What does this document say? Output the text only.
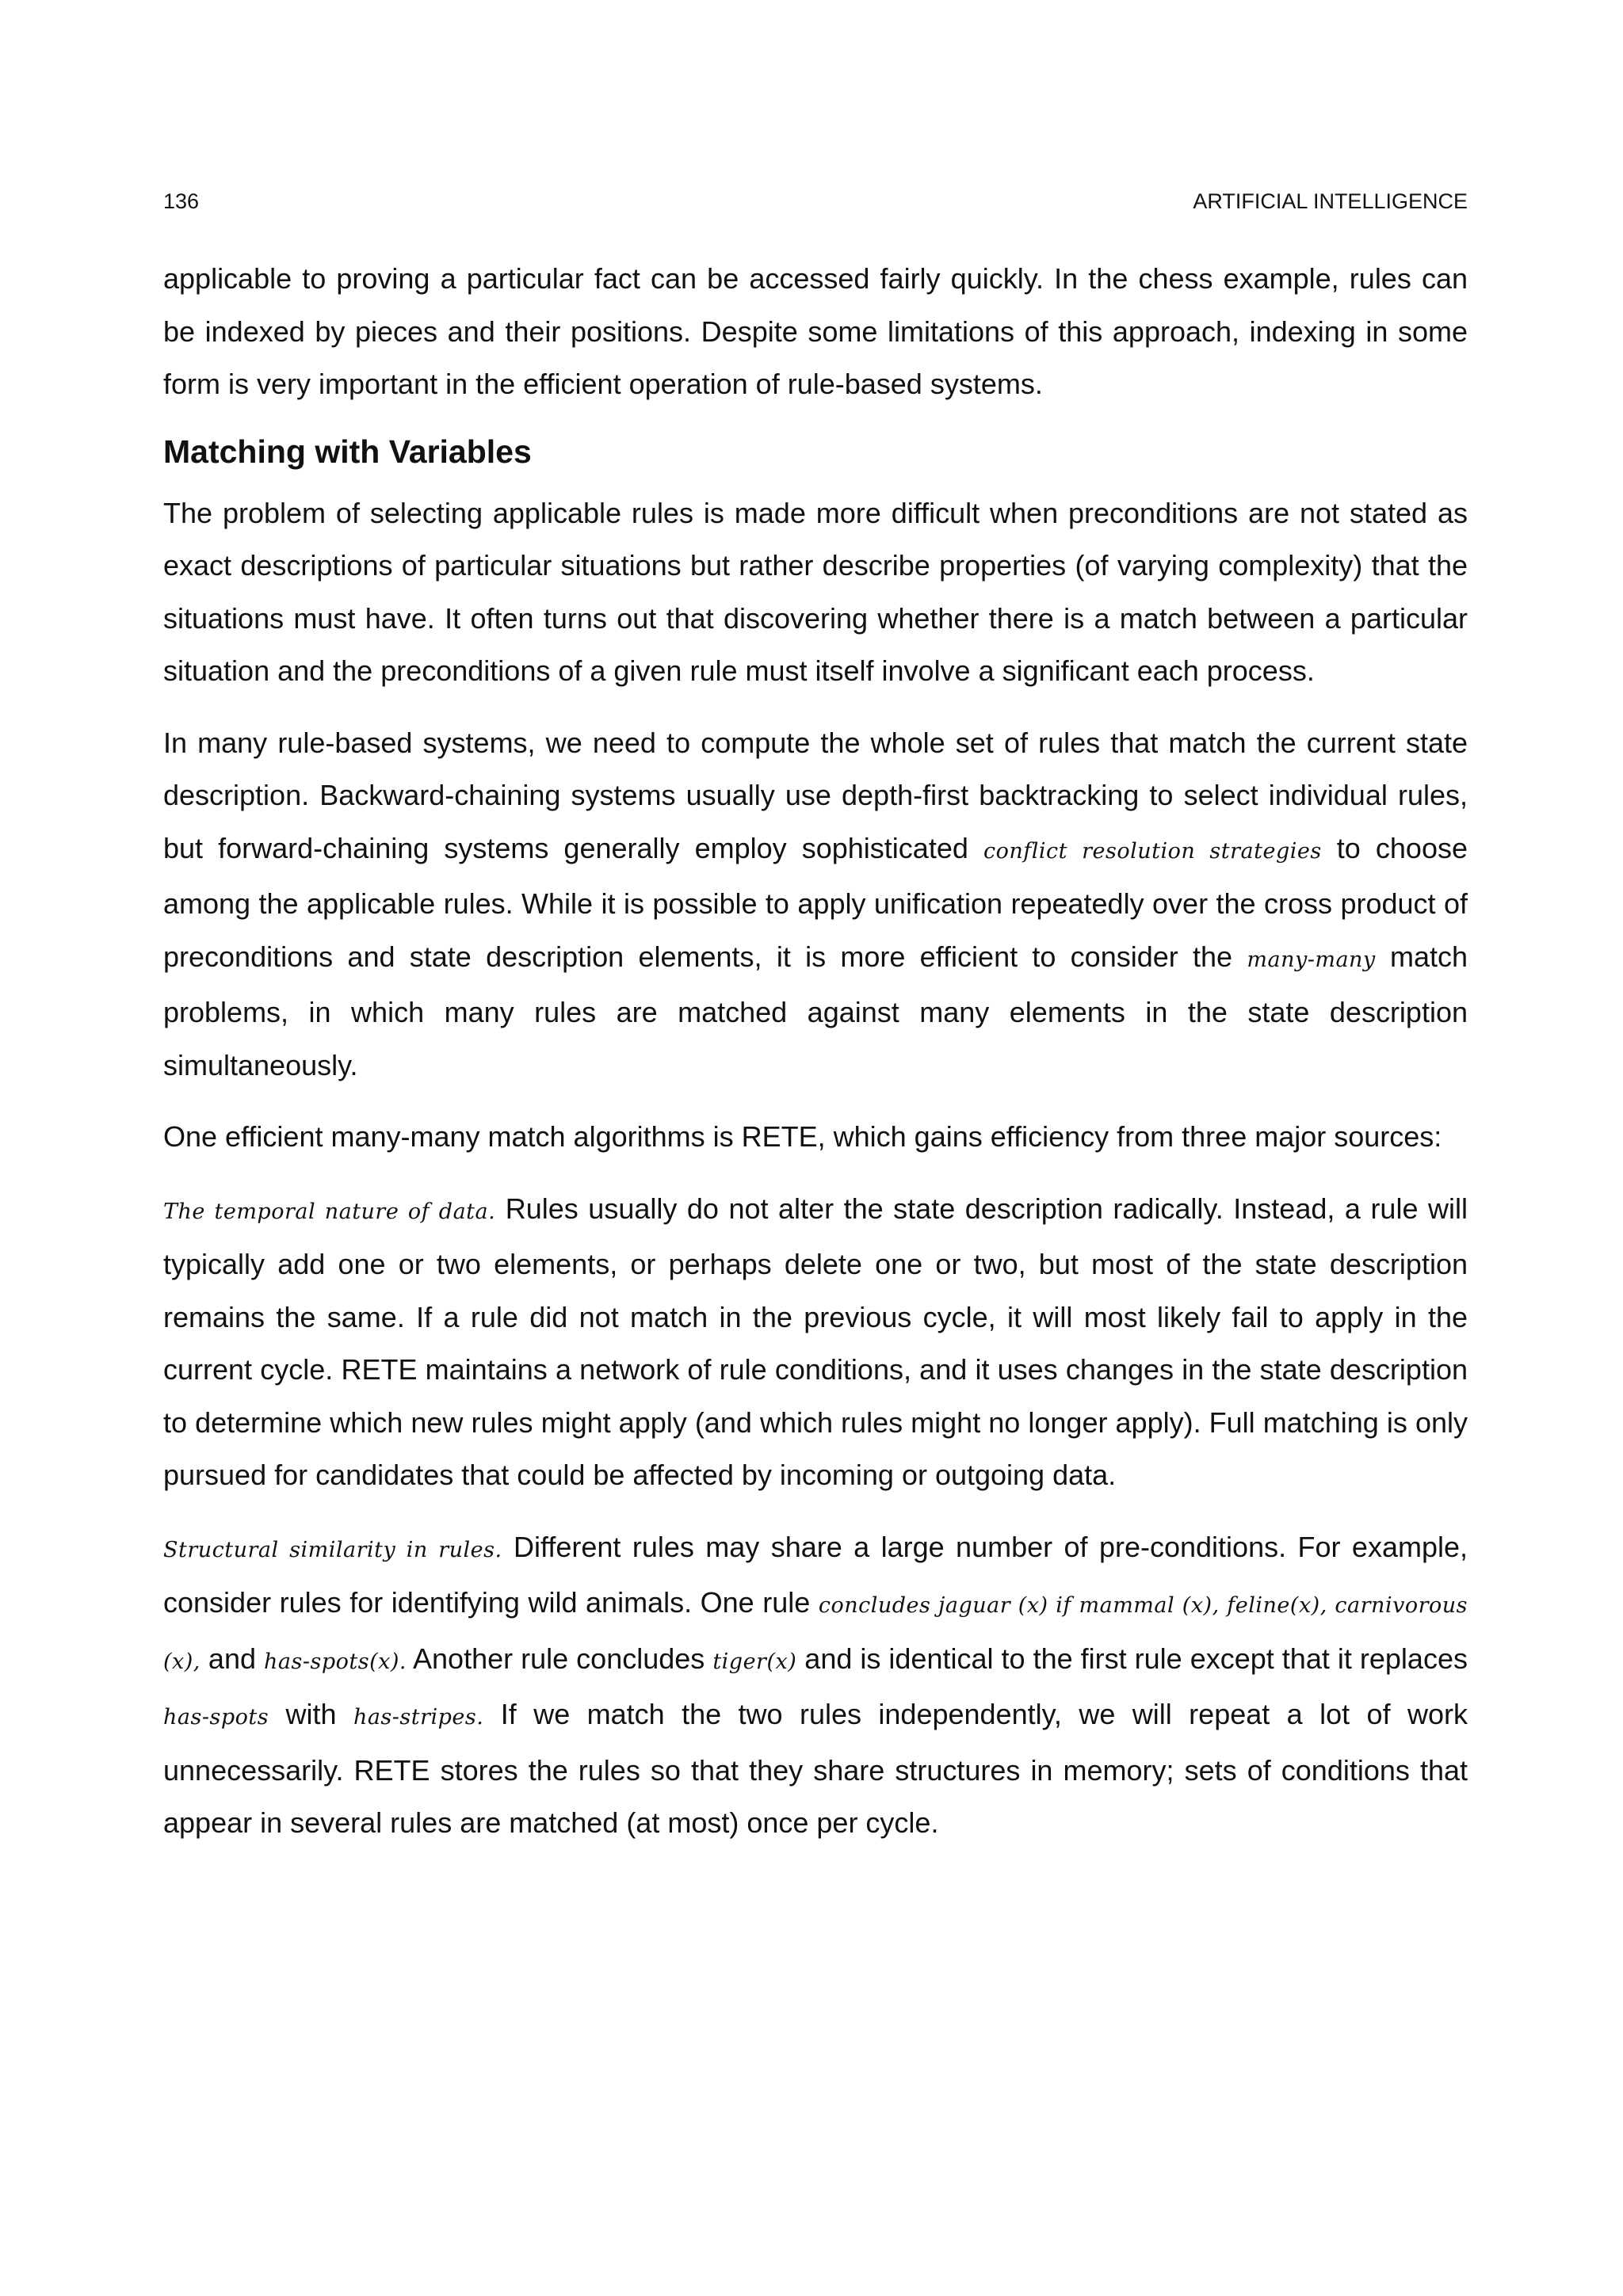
136	ARTIFICIAL INTELLIGENCE

applicable to proving a particular fact can be accessed fairly quickly. In the chess example, rules can be indexed by pieces and their positions. Despite some limitations of this approach, indexing in some form is very important in the efficient operation of rule-based systems.

Matching with Variables

The problem of selecting applicable rules is made more difficult when preconditions are not stated as exact descriptions of particular situations but rather describe properties (of varying complexity) that the situations must have. It often turns out that discovering whether there is a match between a particular situation and the preconditions of a given rule must itself involve a significant each process.

In many rule-based systems, we need to compute the whole set of rules that match the current state description. Backward-chaining systems usually use depth-first backtracking to select individual rules, but forward-chaining systems generally employ sophisticated conflict resolution strategies to choose among the applicable rules. While it is possible to apply unification repeatedly over the cross product of preconditions and state description elements, it is more efficient to consider the many-many match problems, in which many rules are matched against many elements in the state description simultaneously.

One efficient many-many match algorithms is RETE, which gains efficiency from three major sources:

The temporal nature of data. Rules usually do not alter the state description radically. Instead, a rule will typically add one or two elements, or perhaps delete one or two, but most of the state description remains the same. If a rule did not match in the previous cycle, it will most likely fail to apply in the current cycle. RETE maintains a network of rule conditions, and it uses changes in the state description to determine which new rules might apply (and which rules might no longer apply). Full matching is only pursued for candidates that could be affected by incoming or outgoing data.

Structural similarity in rules. Different rules may share a large number of pre-conditions. For example, consider rules for identifying wild animals. One rule concludes jaguar (x) if mammal (x), feline(x), carnivorous (x), and has-spots(x). Another rule concludes tiger(x) and is identical to the first rule except that it replaces has-spots with has-stripes. If we match the two rules independently, we will repeat a lot of work unnecessarily. RETE stores the rules so that they share structures in memory; sets of conditions that appear in several rules are matched (at most) once per cycle.
